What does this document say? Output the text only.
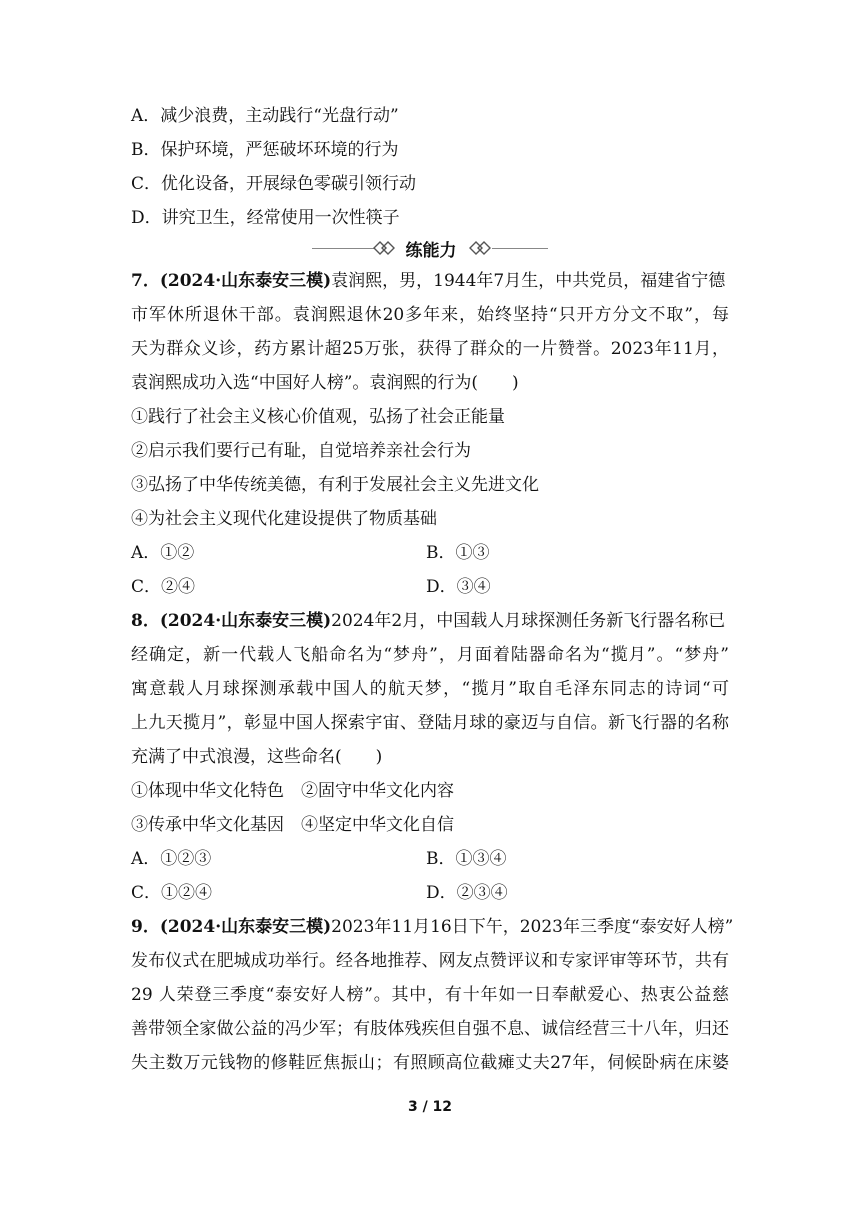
A．减少浪费，主动践行“光盘行动”
B．保护环境，严惩破坏环境的行为
C．优化设备，开展绿色零碳引领行动
D．讲究卫生，经常使用一次性筷子
练能力
7．(2024·山东泰安三模)袁润熙，男，1944年7月生，中共党员，福建省宁德
市军休所退休干部。袁润熙退休20多年来，始终坚持“只开方分文不取”，每
天为群众义诊，药方累计超25万张，获得了群众的一片赞誉。2023年11月，
袁润熙成功入选“中国好人榜”。袁润熙的行为(　　)
①践行了社会主义核心价值观，弘扬了社会正能量
②启示我们要行己有耻，自觉培养亲社会行为
③弘扬了中华传统美德，有利于发展社会主义先进文化
④为社会主义现代化建设提供了物质基础
A．①②	B．①③
C．②④	D．③④
8．(2024·山东泰安三模)2024年2月，中国载人月球探测任务新飞行器名称已
经确定，新一代载人飞船命名为“梦舟”，月面着陆器命名为“揽月”。“梦舟”
寓意载人月球探测承载中国人的航天梦，“揽月”取自毛泽东同志的诗词“可
上九天揽月”，彰显中国人探索宇宙、登陆月球的豪迈与自信。新飞行器的名称
充满了中式浪漫，这些命名(　　)
①体现中华文化特色　②固守中华文化内容
③传承中华文化基因　④坚定中华文化自信
A．①②③	B．①③④
C．①②④	D．②③④
9．(2024·山东泰安三模)2023年11月16日下午，2023年三季度“泰安好人榜”
发布仪式在肥城成功举行。经各地推荐、网友点赞评议和专家评审等环节，共有
29 人荣登三季度“泰安好人榜”。其中，有十年如一日奉献爱心、热衷公益慈
善带领全家做公益的冯少军；有肢体残疾但自强不息、诚信经营三十八年，归还
失主数万元钱物的修鞋匠焦振山；有照顾高位截瘫丈夫27年，伺候卧病在床婆
3 / 12
